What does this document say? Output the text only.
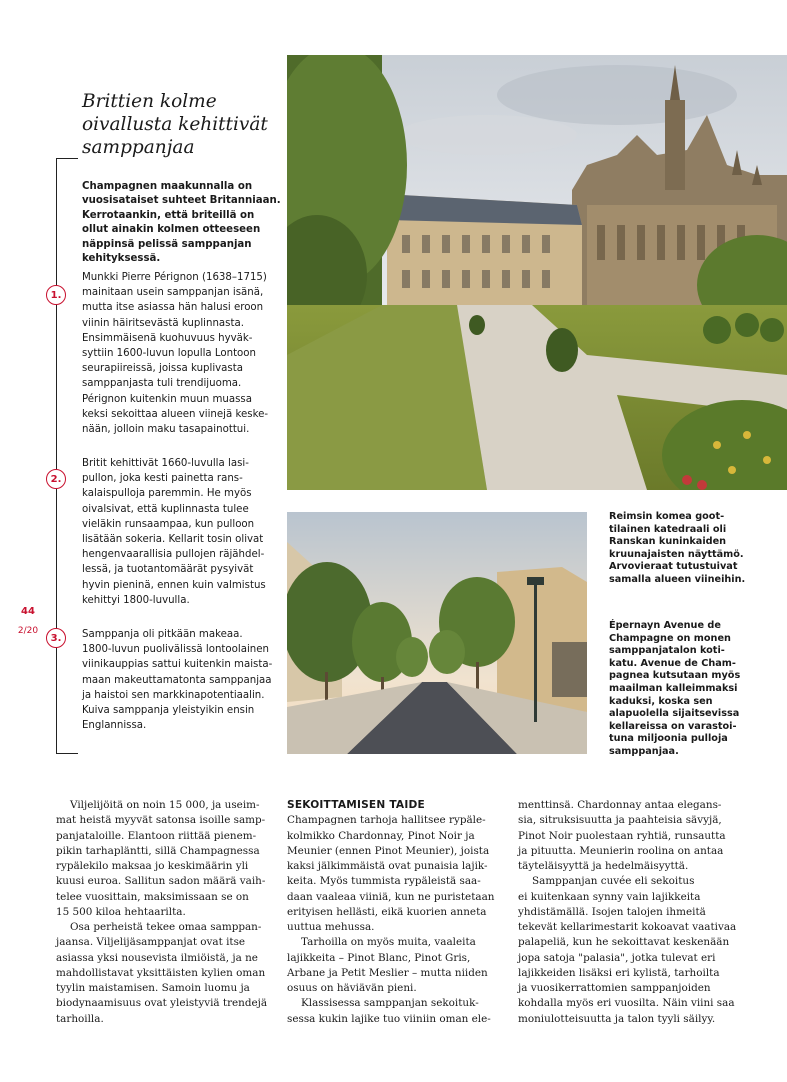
Brittien kolme
oivallusta kehittivät
samppanjaa
Champagnen maakunnalla on
vuosisataiset suhteet Britanniaan.
Kerrotaankin, että briteillä on
ollut ainakin kolmen otteeseen
näppinsä pelissä samppanjan
kehityksessä.
1.
Munkki Pierre Pérignon (1638–1715)
mainitaan usein samppanjan isänä,
mutta itse asiassa hän halusi eroon
viinin häiritsevästä kuplinnasta.
Ensimmäisenä kuohuvuus hyväk-
syttiin 1600-luvun lopulla Lontoon
seurapiireissä, joissa kuplivasta
samppanjasta tuli trendijuoma.
Pérignon kuitenkin muun muassa
keksi sekoittaa alueen viinejä keske-
nään, jolloin maku tasapainottui.
2.
Britit kehittivät 1660-luvulla lasi-
pullon, joka kesti painetta rans-
kalaispulloja paremmin. He myös
oivalsivat, että kuplinnasta tulee
vieläkin runsaampaa, kun pulloon
lisätään sokeria. Kellarit tosin olivat
hengenvaarallisia pullojen räjähdel-
lessä, ja tuotantomäärät pysyivät
hyvin pieninä, ennen kuin valmistus
kehittyi 1800-luvulla.
3.	Samppanja oli pitkään makeaa.
1800-luvun puolivälissä lontoolainen
viinikauppias sattui kuitenkin maista-
maan makeuttamatonta samppanjaa
ja haistoi sen markkinapotentiaalin.
Kuiva samppanja yleistyikin ensin
Englannissa.
44
2/20
Reimsin komea goot-
tilainen katedraali oli
Ranskan kuninkaiden
kruunajaisten näyttämö.
Arvovieraat tutustuivat
samalla alueen viineihin.
Épernayn Avenue de
Champagne on monen
samppanjatalon koti-
katu. Avenue de Cham-
pagnea kutsutaan myös
maailman kalleimmaksi
kaduksi, koska sen
alapuolella sijaitsevissa
kellareissa on varastoi-
tuna miljoonia pulloja
samppanjaa.
Viljelijöitä on noin 15 000, ja useim-
mat heistä myyvät satonsa isoille samp-
panjataloille. Elantoon riittää pienem-
pikin tarhapläntti, sillä Champagnessa
rypälekilo maksaa jo keskimäärin yli
kuusi euroa. Sallitun sadon määrä vaih-
telee vuosittain, maksimissaan se on
15 500 kiloa hehtaarilta.
Osa perheistä tekee omaa samppan-
jaansa. Viljelijäsamppanjat ovat itse
asiassa yksi nousevista ilmiöistä, ja ne
mahdollistavat yksittäisten kylien oman
tyylin maistamisen. Samoin luomu ja
biodynaamisuus ovat yleistyviä trendejä
tarhoilla.
SEKOITTAMISEN TAIDE
Champagnen tarhoja hallitsee rypäle-
kolmikko Chardonnay, Pinot Noir ja
Meunier (ennen Pinot Meunier), joista
kaksi jälkimmäistä ovat punaisia lajik-
keita. Myös tummista rypäleistä saa-
daan vaaleaa viiniä, kun ne puristetaan
erityisen hellästi, eikä kuorien anneta
uuttua mehussa.
Tarhoilla on myös muita, vaaleita
lajikkeita – Pinot Blanc, Pinot Gris,
Arbane ja Petit Meslier – mutta niiden
osuus on häviävän pieni.
Klassisessa samppanjan sekoituk-
sessa kukin lajike tuo viiniin oman ele-
menttinsä. Chardonnay antaa elegans-
sia, sitruksisuutta ja paahteisia sävyjä,
Pinot Noir puolestaan ryhtiä, runsautta
ja pituutta. Meunierin roolina on antaa
täyteläisyyttä ja hedelmäisyyttä.
Samppanjan cuvée eli sekoitus
ei kuitenkaan synny vain lajikkeita
yhdistämällä. Isojen talojen ihmeitä
tekevät kellarimestarit kokoavat vaativaa
palapeliä, kun he sekoittavat keskenään
jopa satoja "palasia", jotka tulevat eri
lajikkeiden lisäksi eri kylistä, tarhoilta
ja vuosikerrattomien samppanjoiden
kohdalla myös eri vuosilta. Näin viini saa
moniulotteisuutta ja talon tyyli säilyy.
